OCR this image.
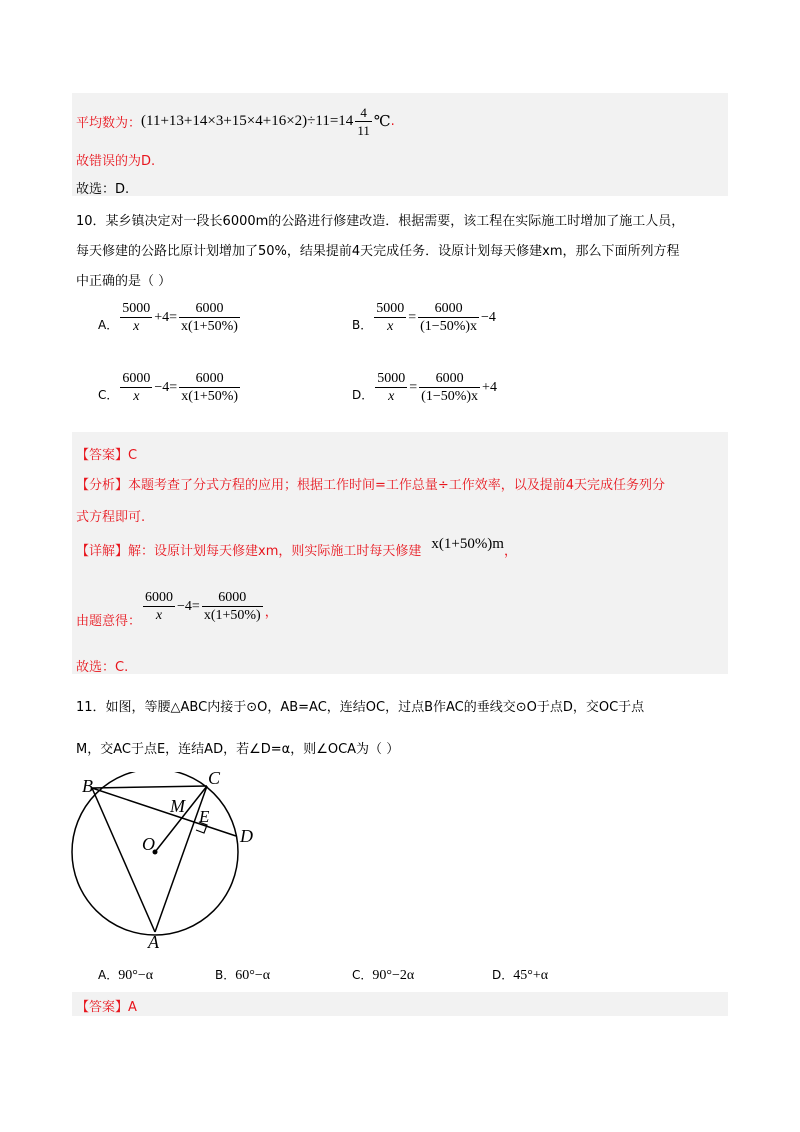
平均数为： $(11+13+14\times 3+15\times 4+16\times 2)\div 11=14 \frac{4}{11}$ ℃ .
故错误的为D.
故选：D.
10．某乡镇决定对一段长6000m的公路进行修建改造．根据需要，该工程在实际施工时增加了施工人员，
每天修建的公路比原计划增加了50%，结果提前4天完成任务．设原计划每天修建xm，那么下面所列方程
中正确的是（ ）
A． $\frac{5000}{x} +4= \frac{6000}{x(1+50\%)}$	B． $\frac{5000}{x} = \frac{6000}{(1-50\%)x} -4$
C． $\frac{6000}{x} -4= \frac{6000}{x(1+50\%)}$	D． $\frac{5000}{x} = \frac{6000}{(1-50\%)x} +4$
【答案】C
【分析】本题考查了分式方程的应用；根据工作时间=工作总量÷工作效率，以及提前4天完成任务列分
式方程即可.
【详解】解：设原计划每天修建xm，则实际施工时每天修建 x(1+50%)m ，
由题意得： $\frac{6000}{x} -4= \frac{6000}{x(1+50\%)}$ ，
故选：C.
11．如图，等腰△ABC内接于⊙O，AB=AC，连结OC，过点B作AC的垂线交⊙O于点D，交OC于点
M，交AC于点E，连结AD，若∠D=α，则∠OCA为（ ）
B	C
M
E
O	D
A
A．90°−α	B．60°−α	C．90°−2α	D．45°+α
【答案】A
